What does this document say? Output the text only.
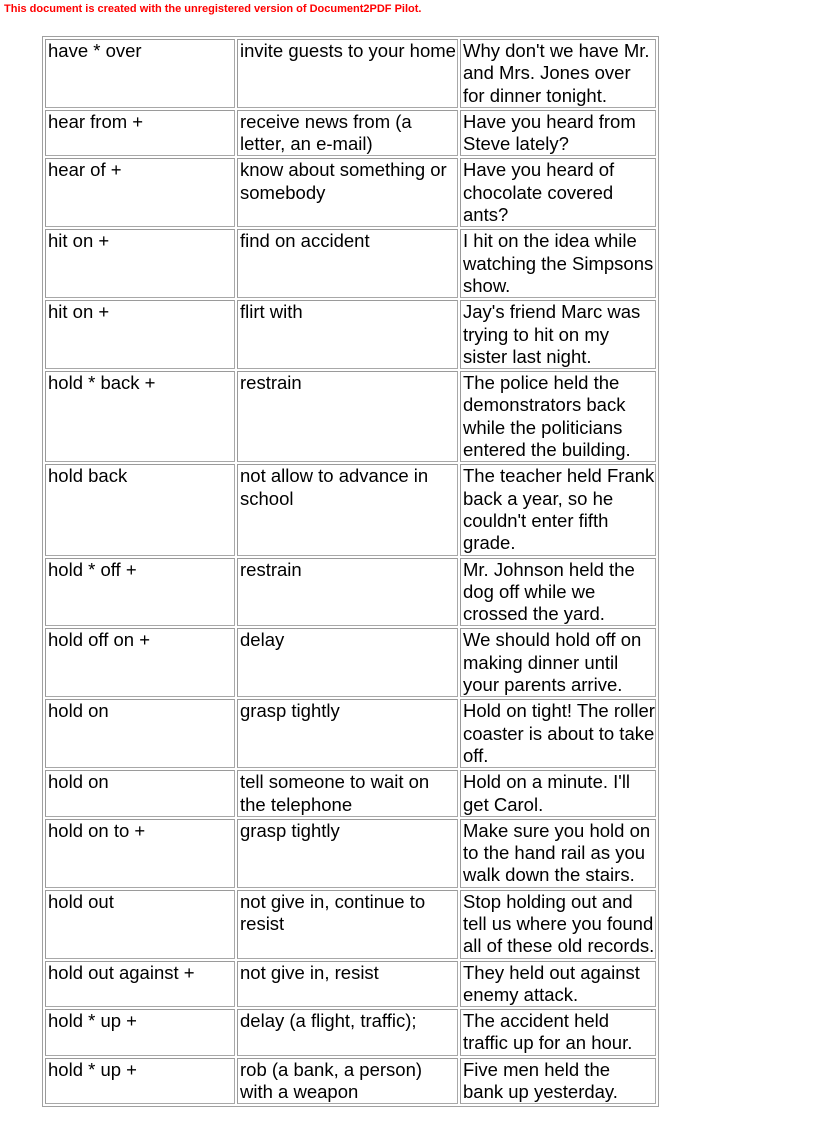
This document is created with the unregistered version of Document2PDF Pilot.
have * over	invite guests to your home	Why don't we have Mr. and Mrs. Jones over for dinner tonight.
hear from +	receive news from (a letter, an e-mail)	Have you heard from Steve lately?
hear of +	know about something or somebody	Have you heard of chocolate covered ants?
hit on +	find on accident	I hit on the idea while watching the Simpsons show.
hit on +	flirt with	Jay's friend Marc was trying to hit on my sister last night.
hold * back +	restrain	The police held the demonstrators back while the politicians entered the building.
hold back	not allow to advance in school	The teacher held Frank back a year, so he couldn't enter fifth grade.
hold * off +	restrain	Mr. Johnson held the dog off while we crossed the yard.
hold off on +	delay	We should hold off on making dinner until your parents arrive.
hold on	grasp tightly	Hold on tight! The roller coaster is about to take off.
hold on	tell someone to wait on the telephone	Hold on a minute. I'll get Carol.
hold on to +	grasp tightly	Make sure you hold on to the hand rail as you walk down the stairs.
hold out	not give in, continue to resist	Stop holding out and tell us where you found all of these old records.
hold out against +	not give in, resist	They held out against enemy attack.
hold * up +	delay (a flight, traffic);	The accident held traffic up for an hour.
hold * up +	rob (a bank, a person) with a weapon	Five men held the bank up yesterday.
